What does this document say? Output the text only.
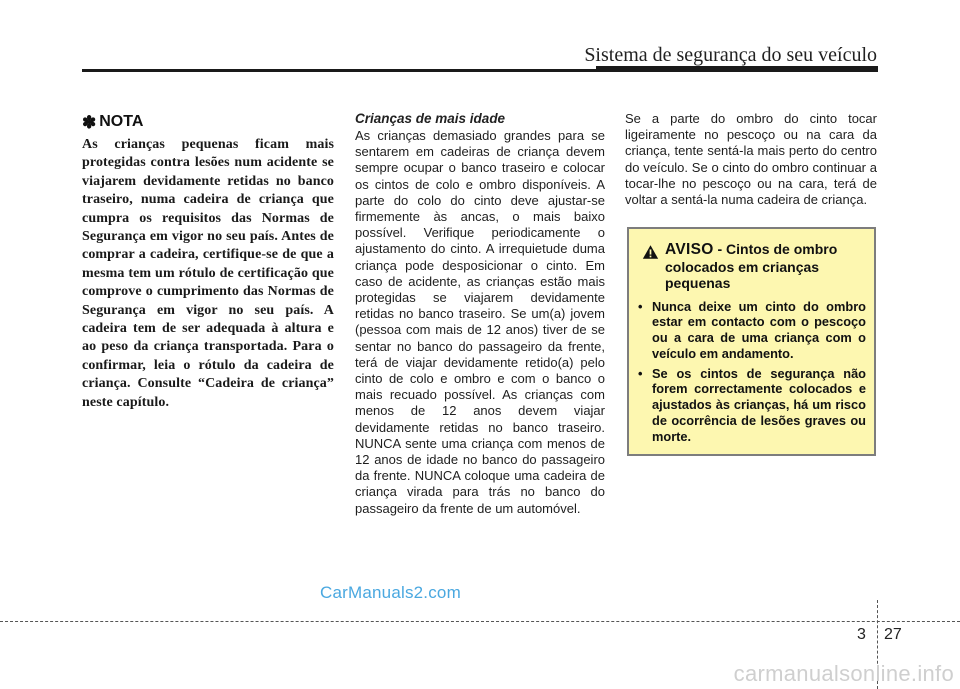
Sistema de segurança do seu veículo
✽ NOTA

As crianças pequenas ficam mais protegidas contra lesões num acidente se viajarem devidamente retidas no banco traseiro, numa cadeira de criança que cumpra os requisitos das Normas de Segurança em vigor no seu país. Antes de comprar a cadeira, certifique-se de que a mesma tem um rótulo de certificação que comprove o cumprimento das Normas de Segurança em vigor no seu país. A cadeira tem de ser adequada à altura e ao peso da criança transportada. Para o confirmar, leia o rótulo da cadeira de criança. Consulte “Cadeira de criança” neste capítulo.

Crianças de mais idade

As crianças demasiado grandes para se sentarem em cadeiras de criança devem sempre ocupar o banco traseiro e colocar os cintos de colo e ombro disponíveis. A parte do colo do cinto deve ajustar-se firmemente às ancas, o mais baixo possível. Verifique periodicamente o ajustamento do cinto. A irrequietude duma criança pode desposicionar o cinto. Em caso de acidente, as crianças estão mais protegidas se viajarem devidamente retidas no banco traseiro. Se um(a) jovem (pessoa com mais de 12 anos) tiver de se sentar no banco do passageiro da frente, terá de viajar devidamente retido(a) pelo cinto de colo e ombro e com o banco o mais recuado possível. As crianças com menos de 12 anos devem viajar devidamente retidas no banco traseiro. NUNCA sente uma criança com menos de 12 anos de idade no banco do passageiro da frente. NUNCA coloque uma cadeira de criança virada para trás no banco do passageiro da frente de um automóvel.

Se a parte do ombro do cinto tocar ligeiramente no pescoço ou na cara da criança, tente sentá-la mais perto do centro do veículo. Se o cinto do ombro continuar a tocar-lhe no pescoço ou na cara, terá de voltar a sentá-la numa cadeira de criança.

AVISO - Cintos de ombro colocados em crianças pequenas
• Nunca deixe um cinto do ombro estar em contacto com o pescoço ou a cara de uma criança com o veículo em andamento.
• Se os cintos de segurança não forem correctamente colocados e ajustados às crianças, há um risco de ocorrência de lesões graves ou morte.
CarManuals2.com
3 27
carmanualsonline.info
